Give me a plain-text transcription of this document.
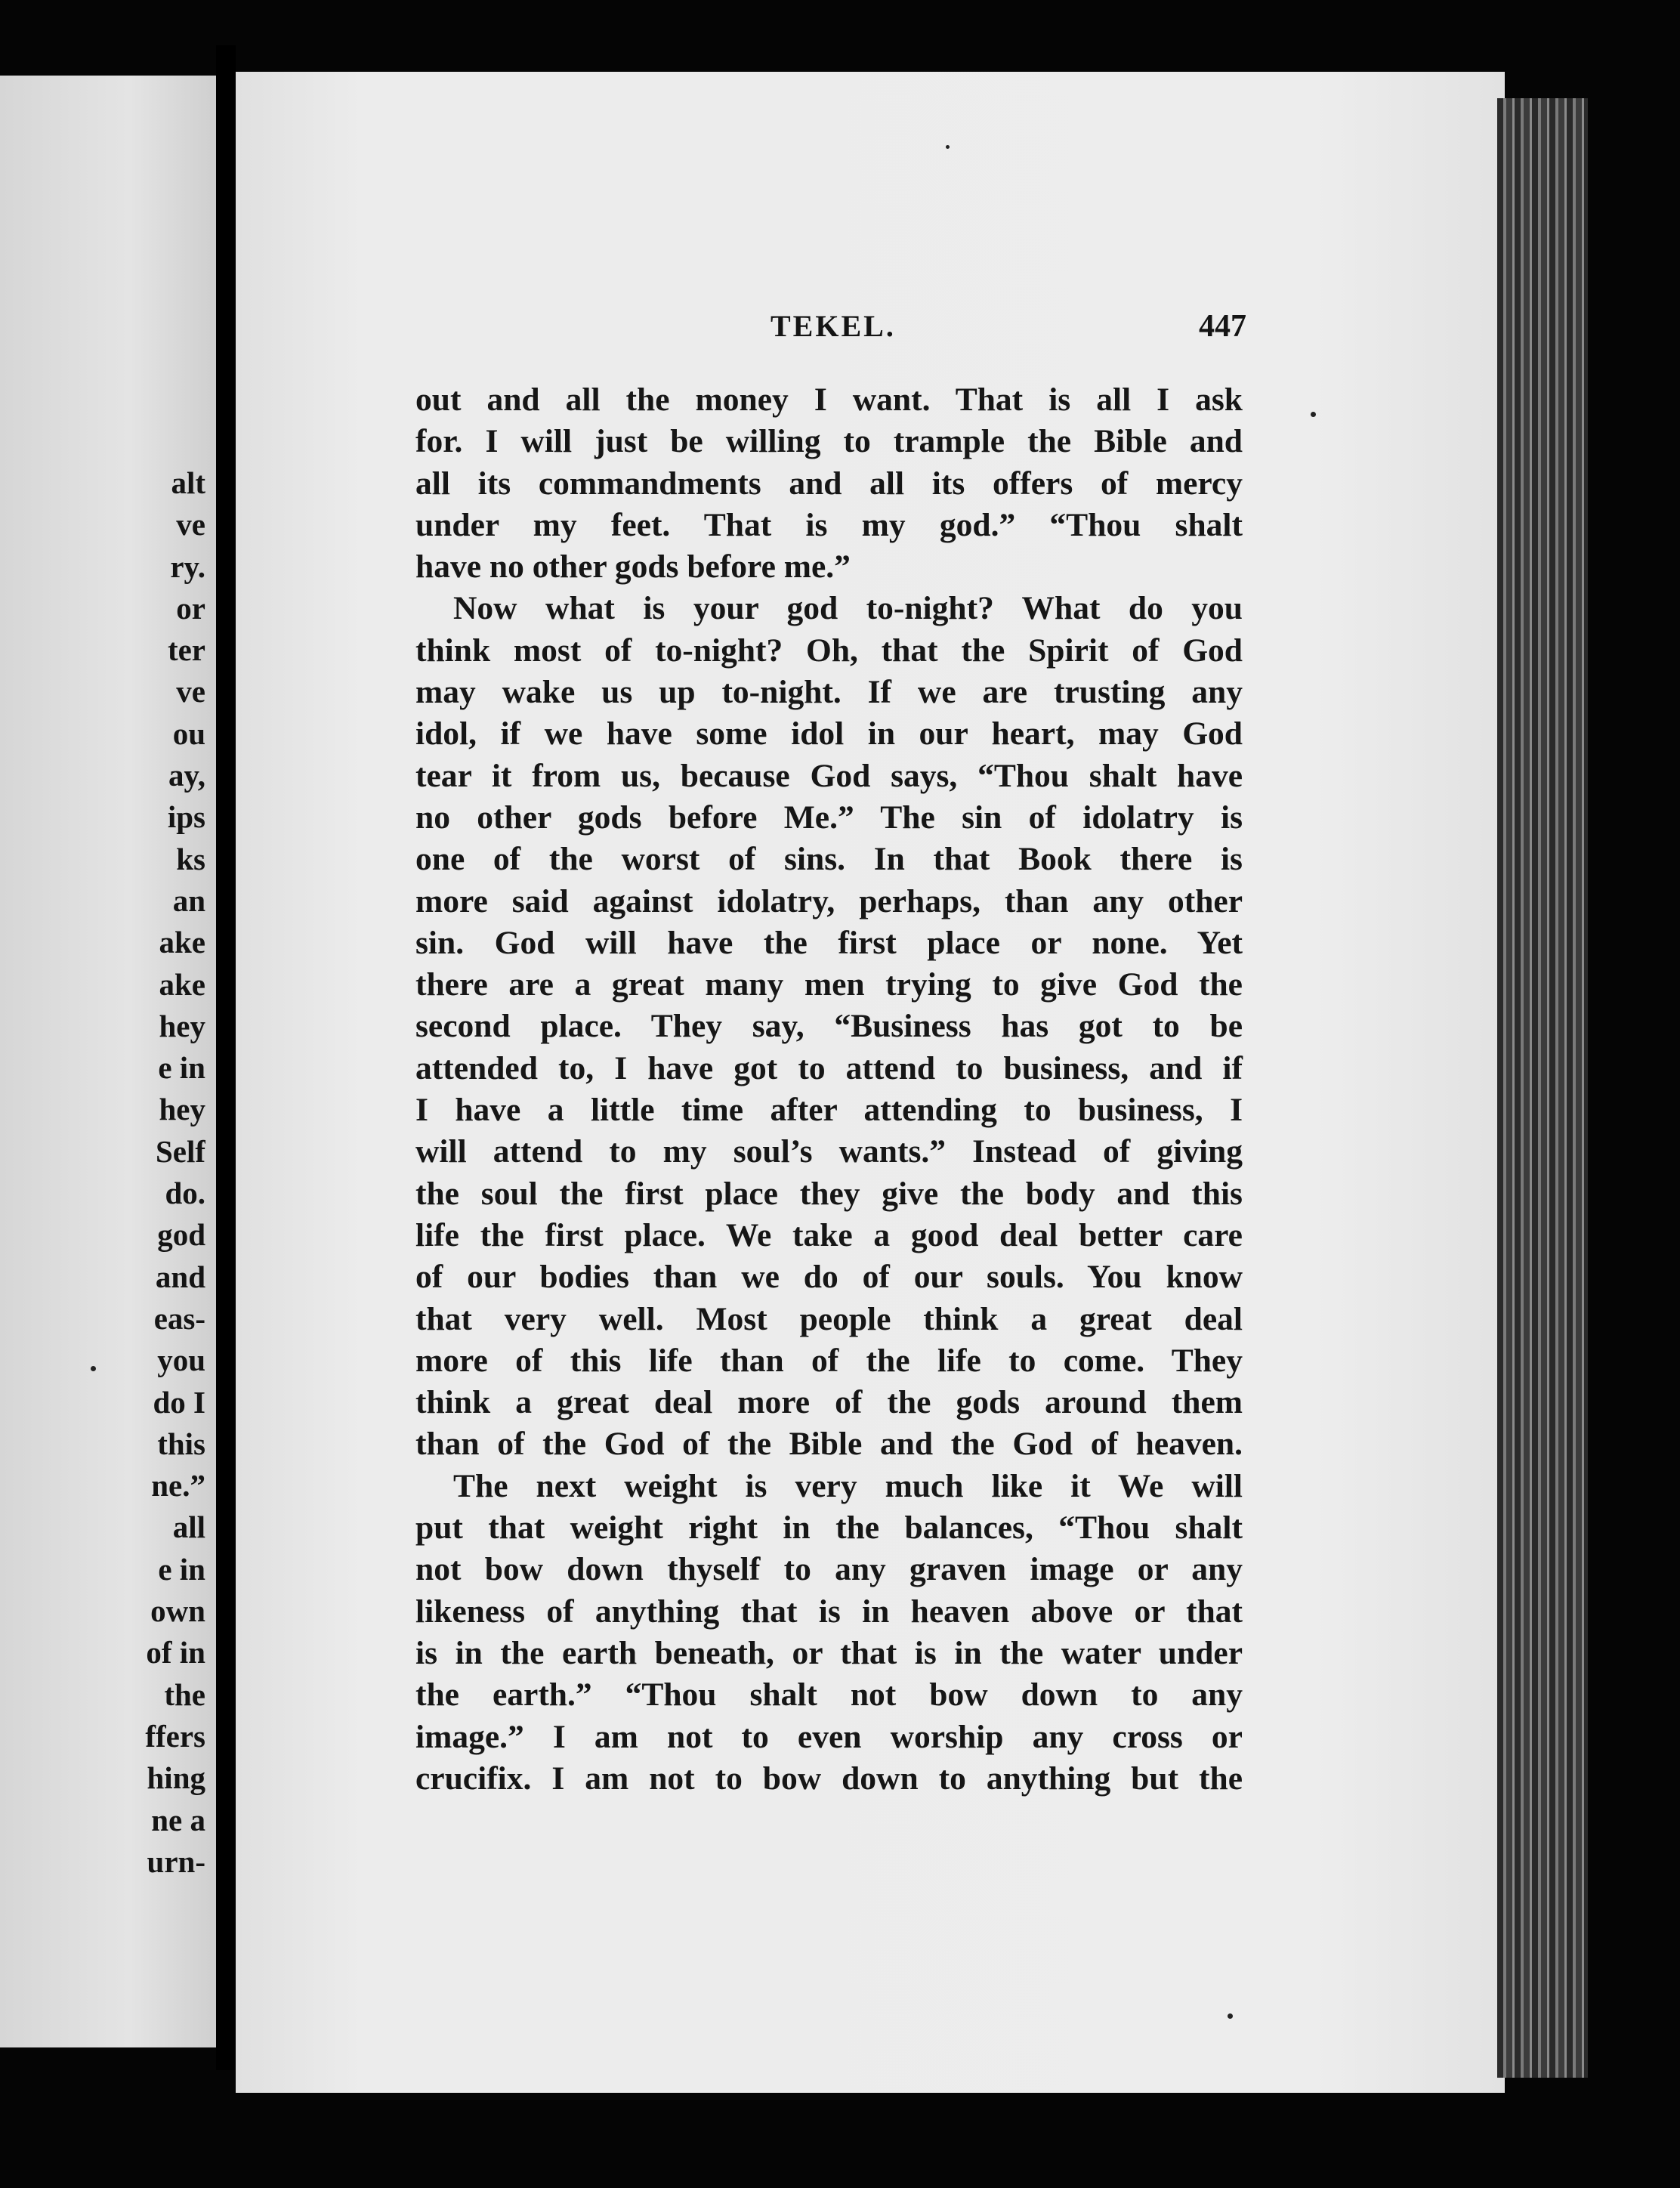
alt
ve
ry.
or
ter
ve
ou
ay,
ips
ks
an
ake
ake
hey
e in
hey
Self
do.
god
and
eas-
you
do I
this
ne.”
all
e in
own
of in
the
ffers
hing
ne a
urn-
TEKEL.	447
out and all the money I want. That is all I ask
for. I will just be willing to trample the Bible and
all its commandments and all its offers of mercy
under my feet. That is my god.” “Thou shalt
have no other gods before me.”
Now what is your god to-night? What do you
think most of to-night? Oh, that the Spirit of God
may wake us up to-night. If we are trusting any
idol, if we have some idol in our heart, may God
tear it from us, because God says, “Thou shalt have
no other gods before Me.” The sin of idolatry is
one of the worst of sins. In that Book there is
more said against idolatry, perhaps, than any other
sin. God will have the first place or none. Yet
there are a great many men trying to give God the
second place. They say, “Business has got to be
attended to, I have got to attend to business, and if
I have a little time after attending to business, I
will attend to my soul’s wants.” Instead of giving
the soul the first place they give the body and this
life the first place. We take a good deal better care
of our bodies than we do of our souls. You know
that very well. Most people think a great deal
more of this life than of the life to come. They
think a great deal more of the gods around them
than of the God of the Bible and the God of heaven.
The next weight is very much like it We will
put that weight right in the balances, “Thou shalt
not bow down thyself to any graven image or any
likeness of anything that is in heaven above or that
is in the earth beneath, or that is in the water under
the earth.” “Thou shalt not bow down to any
image.” I am not to even worship any cross or
crucifix. I am not to bow down to anything but the
